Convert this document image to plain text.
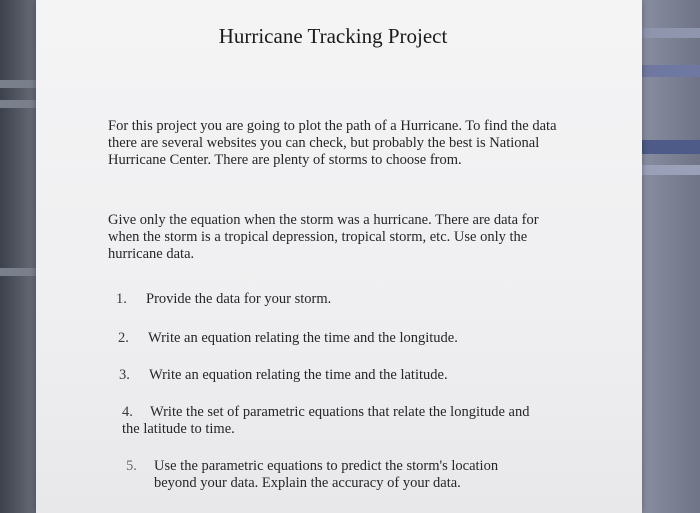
Hurricane Tracking Project
For this project you are going to plot the path of a Hurricane. To find the data there are several websites you can check, but probably the best is National Hurricane Center. There are plenty of storms to choose from.
Give only the equation when the storm was a hurricane. There are data for when the storm is a tropical depression, tropical storm, etc. Use only the hurricane data.
1. Provide the data for your storm.
2. Write an equation relating the time and the longitude.
3. Write an equation relating the time and the latitude.
4. Write the set of parametric equations that relate the longitude and the latitude to time.
5. Use the parametric equations to predict the storm's location beyond your data. Explain the accuracy of your data.
